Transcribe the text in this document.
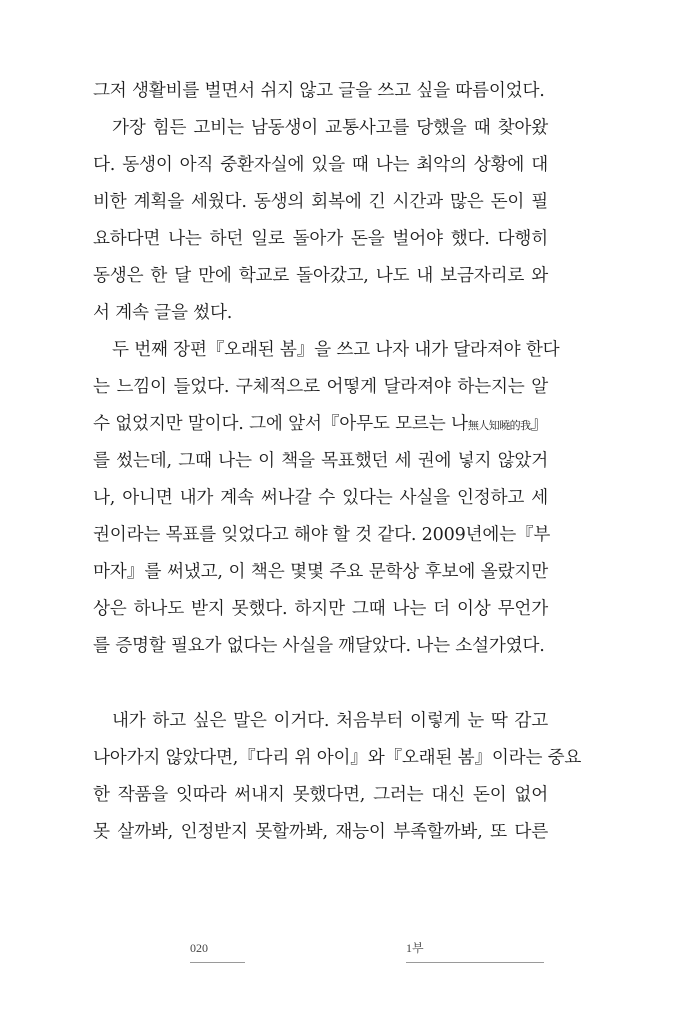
그저 생활비를 벌면서 쉬지 않고 글을 쓰고 싶을 따름이었다.
가장 힘든 고비는 남동생이 교통사고를 당했을 때 찾아왔
다. 동생이 아직 중환자실에 있을 때 나는 최악의 상황에 대
비한 계획을 세웠다. 동생의 회복에 긴 시간과 많은 돈이 필
요하다면 나는 하던 일로 돌아가 돈을 벌어야 했다. 다행히
동생은 한 달 만에 학교로 돌아갔고, 나도 내 보금자리로 와
서 계속 글을 썼다.
두 번째 장편『오래된 봄』을 쓰고 나자 내가 달라져야 한다
는 느낌이 들었다. 구체적으로 어떻게 달라져야 하는지는 알
수 없었지만 말이다. 그에 앞서『아무도 모르는 나無人知曉的我』
를 썼는데, 그때 나는 이 책을 목표했던 세 권에 넣지 않았거
나, 아니면 내가 계속 써나갈 수 있다는 사실을 인정하고 세
권이라는 목표를 잊었다고 해야 할 것 같다. 2009년에는『부
마자』를 써냈고, 이 책은 몇몇 주요 문학상 후보에 올랐지만
상은 하나도 받지 못했다. 하지만 그때 나는 더 이상 무언가
를 증명할 필요가 없다는 사실을 깨달았다. 나는 소설가였다.
내가 하고 싶은 말은 이거다. 처음부터 이렇게 눈 딱 감고
나아가지 않았다면,『다리 위 아이』와『오래된 봄』이라는 중요
한 작품을 잇따라 써내지 못했다면, 그러는 대신 돈이 없어
못 살까봐, 인정받지 못할까봐, 재능이 부족할까봐, 또 다른
020	1부
